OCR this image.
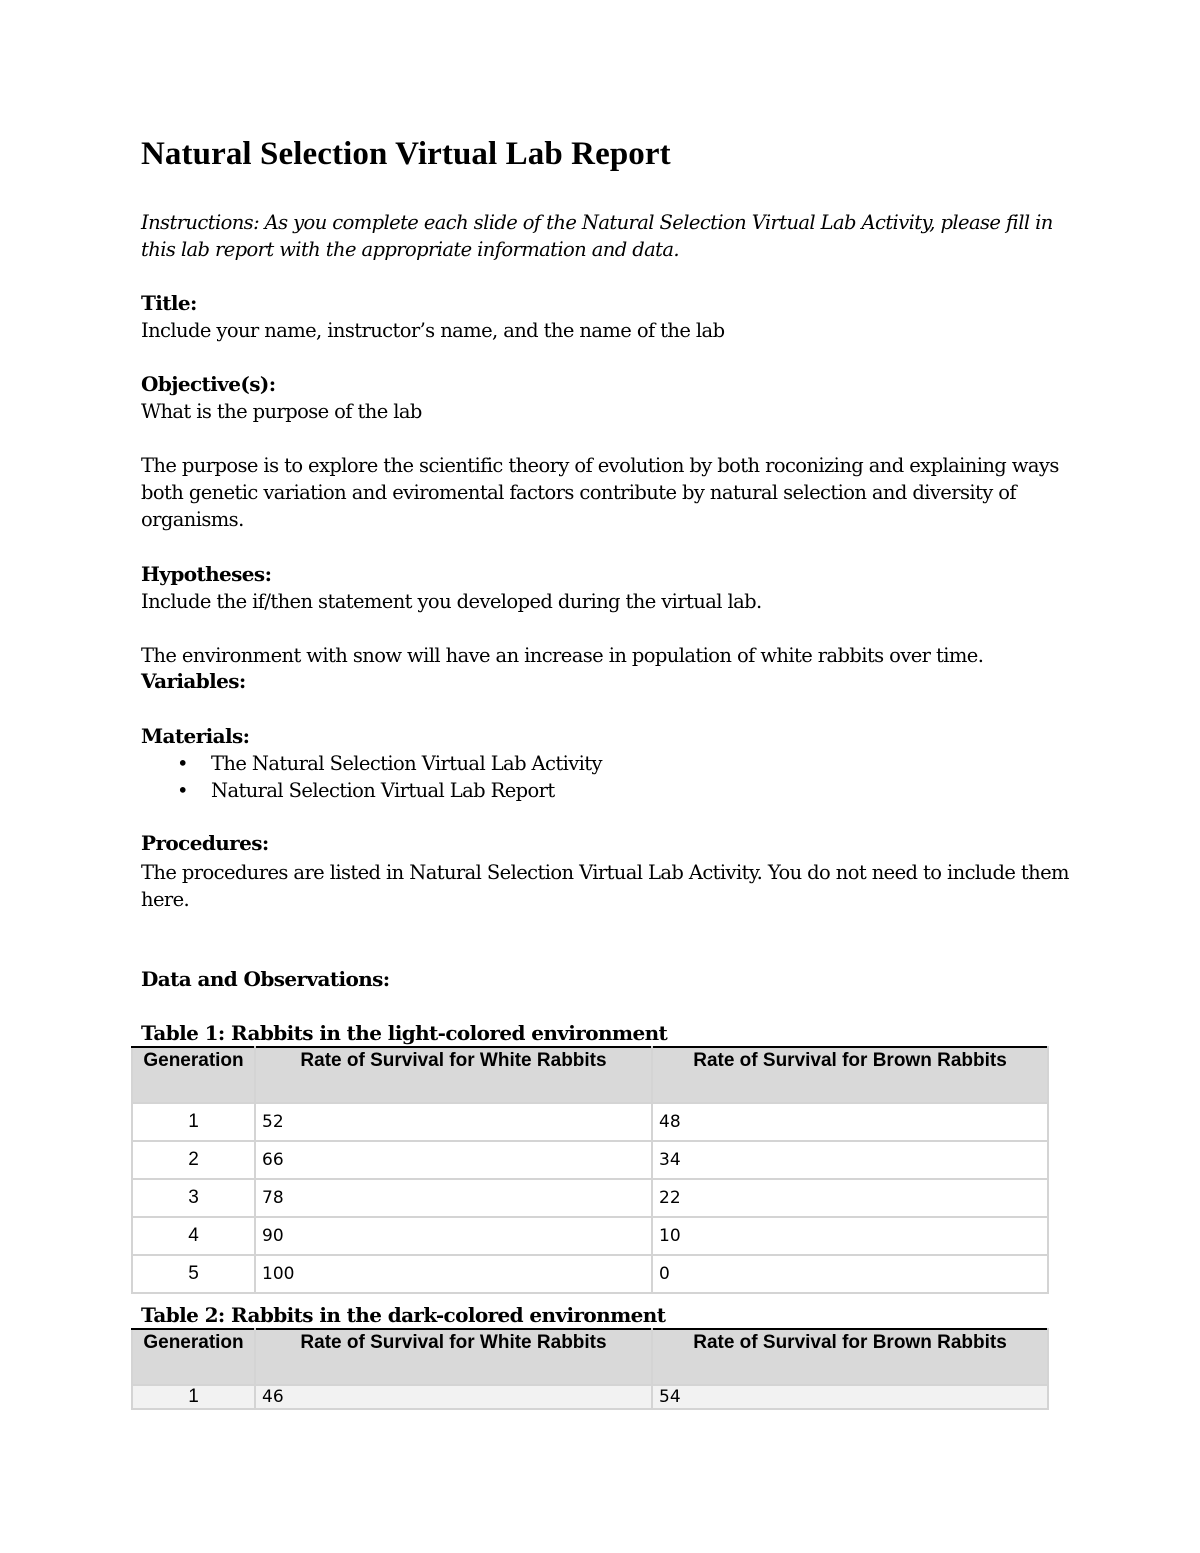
Natural Selection Virtual Lab Report
Instructions: As you complete each slide of the Natural Selection Virtual Lab Activity, please fill in this lab report with the appropriate information and data.
Title:
Include your name, instructor’s name, and the name of the lab
Objective(s):
What is the purpose of the lab
The purpose is to explore the scientific theory of evolution by both roconizing and explaining ways both genetic variation and eviromental factors contribute by natural selection and diversity of organisms.
Hypotheses:
Include the if/then statement you developed during the virtual lab.
The environment with snow will have an increase in population of white rabbits over time.
Variables:
Materials:
• The Natural Selection Virtual Lab Activity
• Natural Selection Virtual Lab Report
Procedures:
The procedures are listed in Natural Selection Virtual Lab Activity. You do not need to include them here.
Data and Observations:
Table 1: Rabbits in the light-colored environment
Generation	Rate of Survival for White Rabbits	Rate of Survival for Brown Rabbits
1	52	48
2	66	34
3	78	22
4	90	10
5	100	0
Table 2: Rabbits in the dark-colored environment
Generation	Rate of Survival for White Rabbits	Rate of Survival for Brown Rabbits
1	46	54
